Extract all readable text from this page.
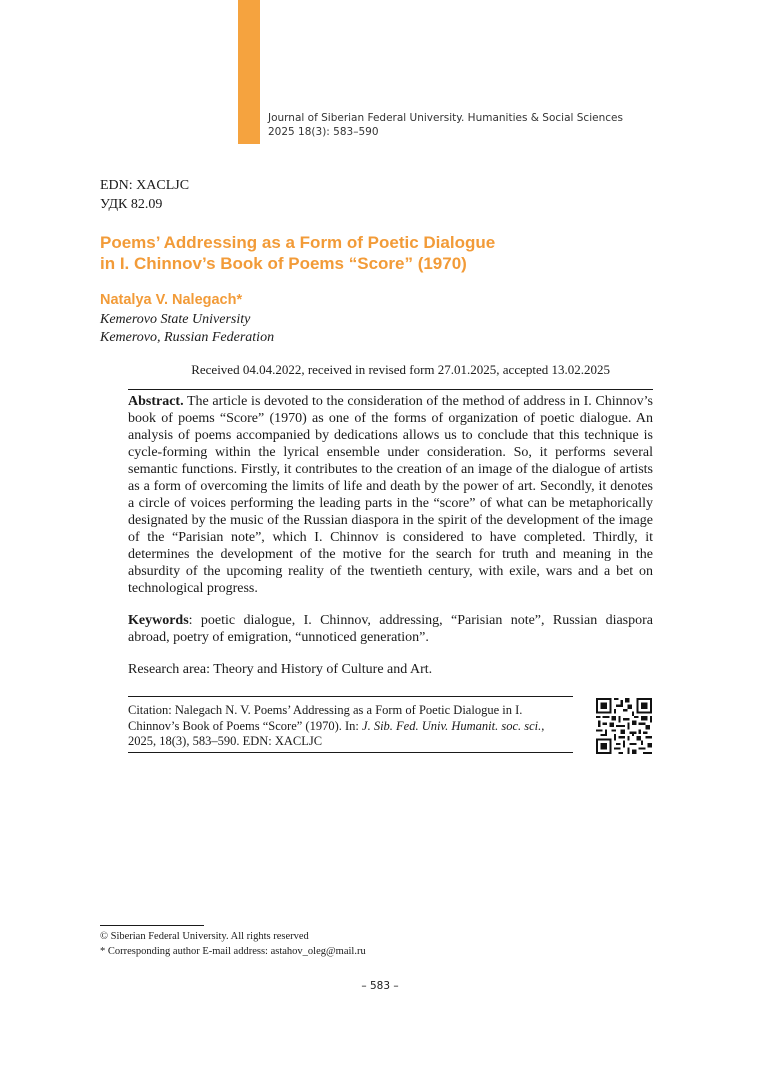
Journal of Siberian Federal University. Humanities & Social Sciences
2025 18(3): 583–590
EDN: XACLJC
УДК 82.09
Poems’ Addressing as a Form of Poetic Dialogue
in I. Chinnov’s Book of Poems “Score” (1970)
Natalya V. Nalegach*
Kemerovo State University
Kemerovo, Russian Federation
Received 04.04.2022, received in revised form 27.01.2025, accepted 13.02.2025
Abstract. The article is devoted to the consideration of the method of address in I. Chinnov’s book of poems “Score” (1970) as one of the forms of organization of poetic dialogue. An analysis of poems accompanied by dedications allows us to conclude that this technique is cycle-forming within the lyrical ensemble under consideration. So, it performs several semantic functions. Firstly, it contributes to the creation of an image of the dialogue of artists as a form of overcoming the limits of life and death by the power of art. Secondly, it denotes a circle of voices performing the leading parts in the “score” of what can be metaphorically designated by the music of the Russian diaspora in the spirit of the development of the image of the “Parisian note”, which I. Chinnov is considered to have completed. Thirdly, it determines the development of the motive for the search for truth and meaning in the absurdity of the upcoming reality of the twentieth century, with exile, wars and a bet on technological progress.
Keywords: poetic dialogue, I. Chinnov, addressing, “Parisian note”, Russian diaspora abroad, poetry of emigration, “unnoticed generation”.
Research area: Theory and History of Culture and Art.
Citation: Nalegach N. V. Poems’ Addressing as a Form of Poetic Dialogue in I. Chinnov’s Book of Poems “Score” (1970). In: J. Sib. Fed. Univ. Humanit. soc. sci., 2025, 18(3), 583–590. EDN: XACLJC
© Siberian Federal University. All rights reserved
* Corresponding author E-mail address: astahov_oleg@mail.ru
– 583 –
